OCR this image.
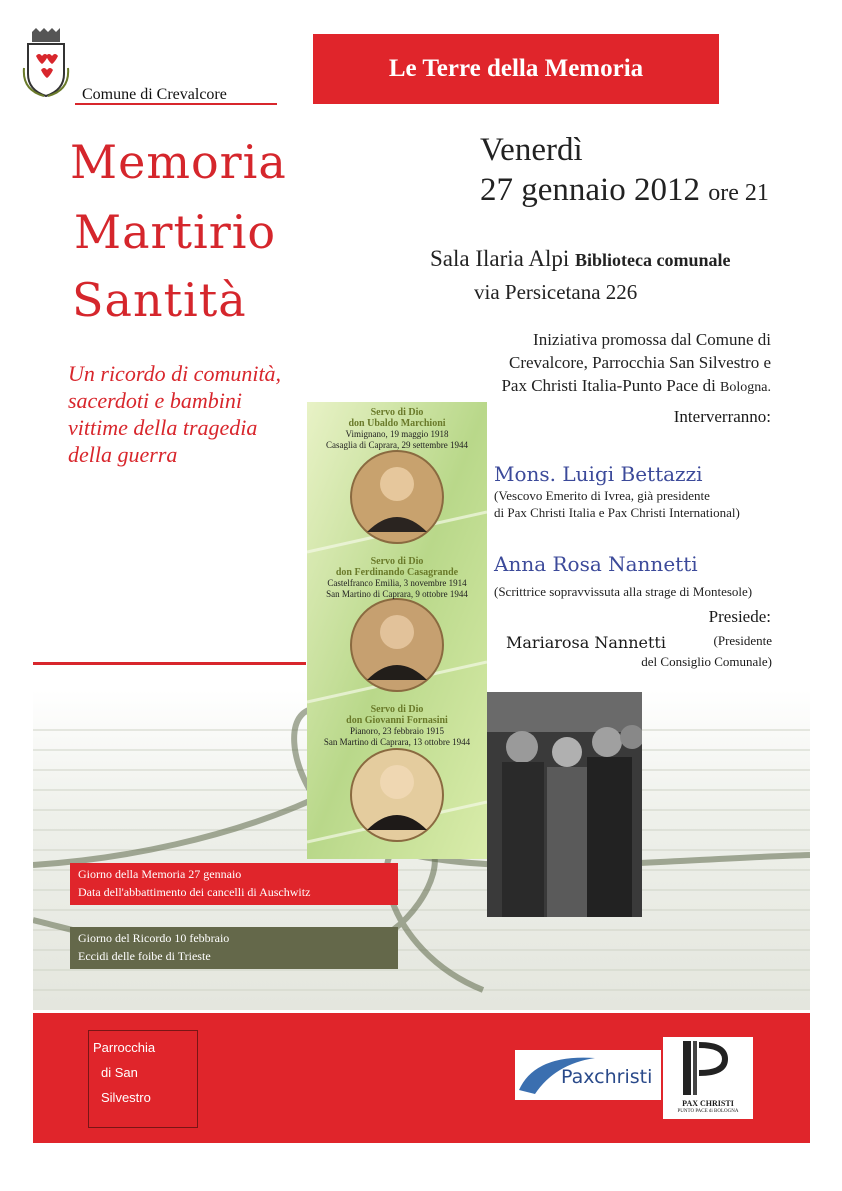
Comune di Crevalcore
Le Terre della Memoria
Memoria
Martirio
Santità
Un ricordo di comunità,
sacerdoti e bambini
vittime della tragedia
della guerra
Venerdì
27 gennaio 2012 ore 21
Sala Ilaria Alpi Biblioteca comunale
via Persicetana 226
Iniziativa promossa dal Comune di
Crevalcore, Parrocchia San Silvestro e
Pax Christi Italia-Punto Pace di Bologna.
Interverranno:
Mons. Luigi Bettazzi
(Vescovo Emerito di Ivrea, già presidente
di Pax Christi Italia e Pax Christi International)
Anna Rosa Nannetti
(Scrittrice sopravvissuta alla strage di Montesole)
Presiede:
Mariarosa Nannetti	(Presidente
del Consiglio Comunale)
Servo di Dio
don Ubaldo Marchioni
Vimignano, 19 maggio 1918
Casaglia di Caprara, 29 settembre 1944
Servo di Dio
don Ferdinando Casagrande
Castelfranco Emilia, 3 novembre 1914
San Martino di Caprara, 9 ottobre 1944
Servo di Dio
don Giovanni Fornasini
Pianoro, 23 febbraio 1915
San Martino di Caprara, 13 ottobre 1944
Giorno della Memoria 27 gennaio
Data dell'abbattimento dei cancelli di Auschwitz
Giorno del Ricordo 10 febbraio
Eccidi delle foibe di Trieste
Parrocchia
di San
Silvestro
Paxchristi
PAX CHRISTI
PUNTO PACE di BOLOGNA
